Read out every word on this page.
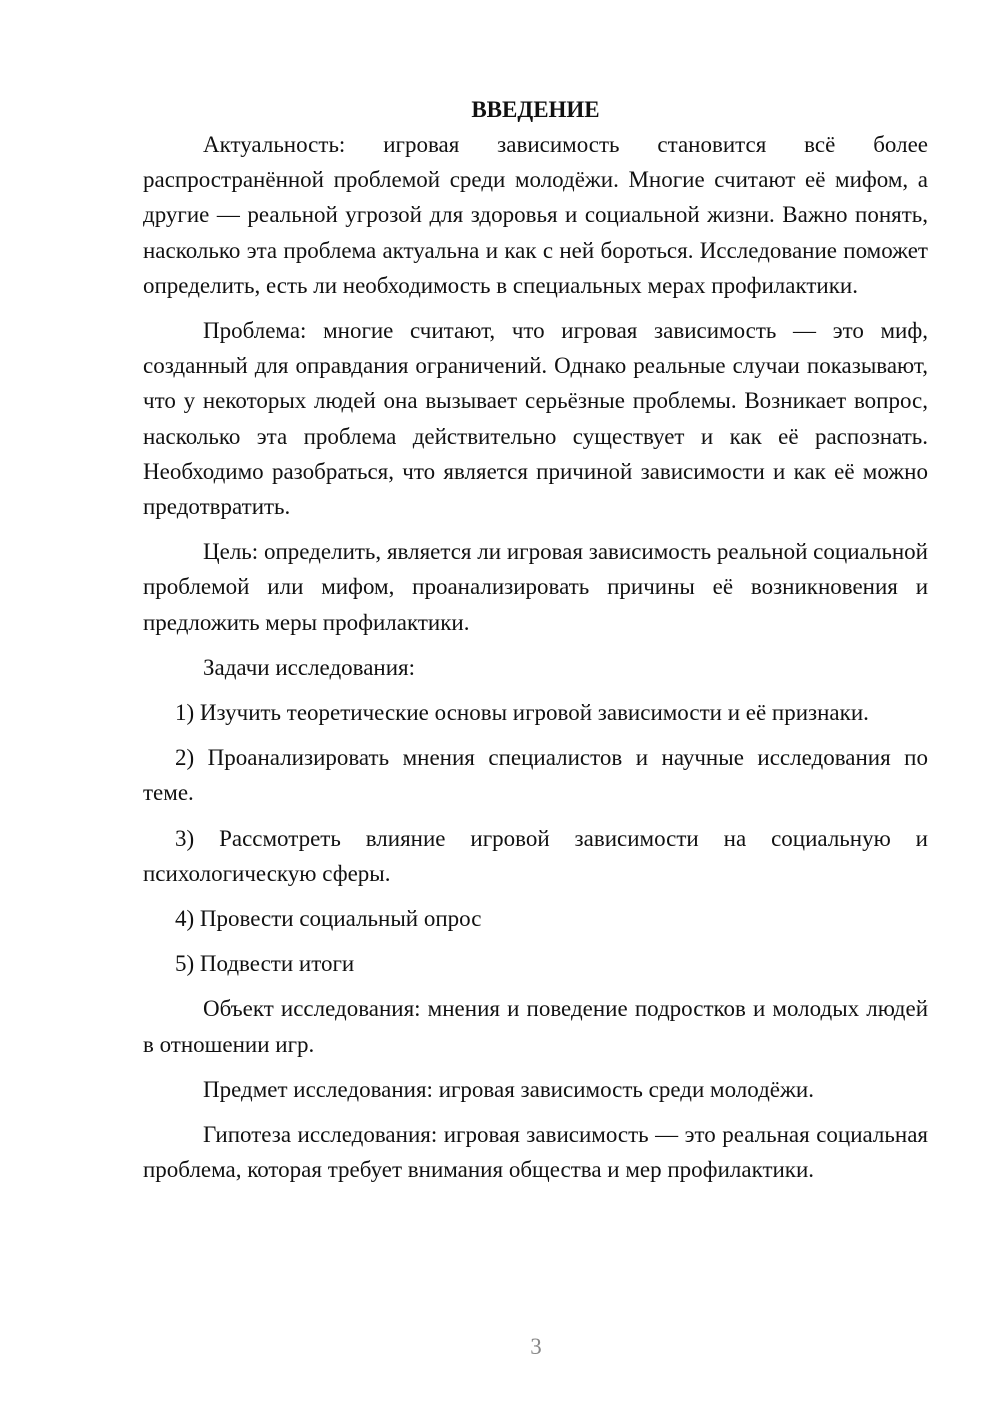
ВВЕДЕНИЕ

Актуальность: игровая зависимость становится всё более распространённой проблемой среди молодёжи. Многие считают её мифом, а другие — реальной угрозой для здоровья и социальной жизни. Важно понять, насколько эта проблема актуальна и как с ней бороться. Исследование поможет определить, есть ли необходимость в специальных мерах профилактики.

Проблема: многие считают, что игровая зависимость — это миф, созданный для оправдания ограничений. Однако реальные случаи показывают, что у некоторых людей она вызывает серьёзные проблемы. Возникает вопрос, насколько эта проблема действительно существует и как её распознать. Необходимо разобраться, что является причиной зависимости и как её можно предотвратить.

Цель: определить, является ли игровая зависимость реальной социальной проблемой или мифом, проанализировать причины её возникновения и предложить меры профилактики.

Задачи исследования:

1) Изучить теоретические основы игровой зависимости и её признаки.

2) Проанализировать мнения специалистов и научные исследования по теме.

3) Рассмотреть влияние игровой зависимости на социальную и психологическую сферы.

4) Провести социальный опрос

5) Подвести итоги

Объект исследования: мнения и поведение подростков и молодых людей в отношении игр.

Предмет исследования: игровая зависимость среди молодёжи.

Гипотеза исследования: игровая зависимость — это реальная социальная проблема, которая требует внимания общества и мер профилактики.

3
